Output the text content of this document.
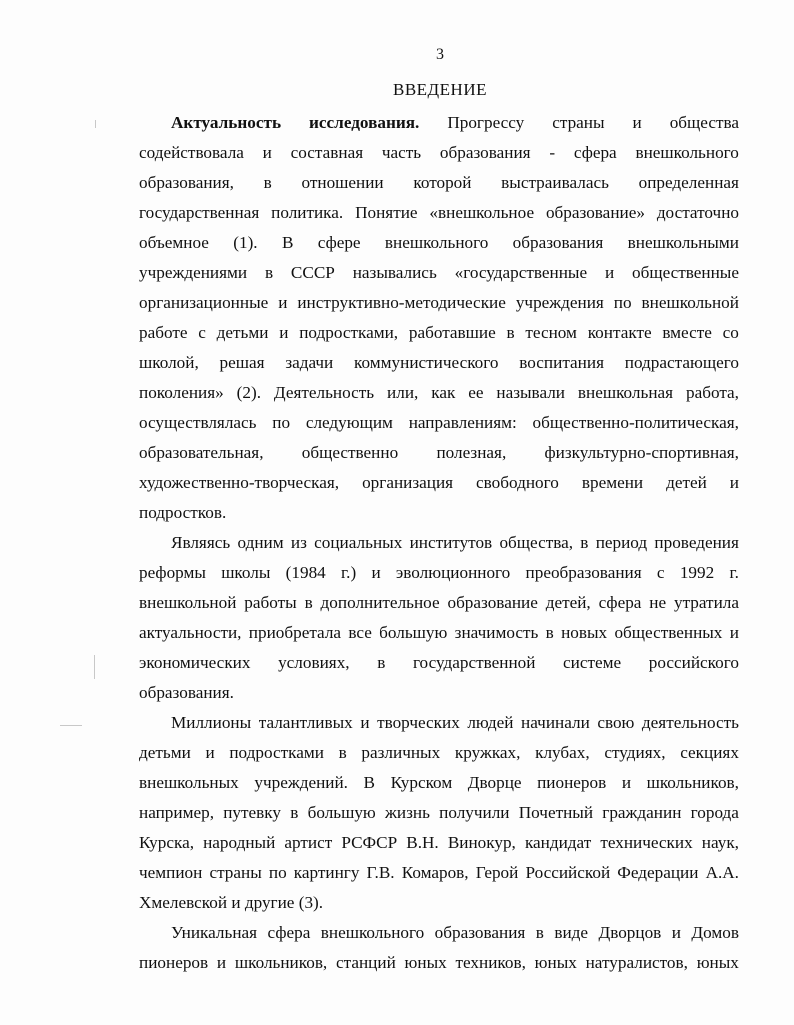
3
ВВЕДЕНИЕ
Актуальность исследования. Прогрессу страны и общества
содействовала и составная часть образования - сфера внешкольного
образования, в отношении которой выстраивалась определенная
государственная политика. Понятие «внешкольное образование» достаточно
объемное (1). В сфере внешкольного образования внешкольными
учреждениями в СССР назывались «государственные и общественные
организационные и инструктивно-методические учреждения по внешкольной
работе с детьми и подростками, работавшие в тесном контакте вместе со
школой, решая задачи коммунистического воспитания подрастающего
поколения» (2). Деятельность или, как ее называли внешкольная работа,
осуществлялась по следующим направлениям: общественно-политическая,
образовательная, общественно полезная, физкультурно-спортивная,
художественно-творческая, организация свободного времени детей и
подростков.
Являясь одним из социальных институтов общества, в период проведения
реформы школы (1984 г.) и эволюционного преобразования с 1992 г.
внешкольной работы в дополнительное образование детей, сфера не утратила
актуальности, приобретала все большую значимость в новых общественных и
экономических условиях, в государственной системе российского
образования.
Миллионы талантливых и творческих людей начинали свою деятельность
детьми и подростками в различных кружках, клубах, студиях, секциях
внешкольных учреждений. В Курском Дворце пионеров и школьников,
например, путевку в большую жизнь получили Почетный гражданин города
Курска, народный артист РСФСР В.Н. Винокур, кандидат технических наук,
чемпион страны по картингу Г.В. Комаров, Герой Российской Федерации А.А.
Хмелевской
и
другие
(3).
Уникальная сфера внешкольного образования в виде Дворцов и Домов
пионеров и школьников, станций юных техников, юных натуралистов, юных
